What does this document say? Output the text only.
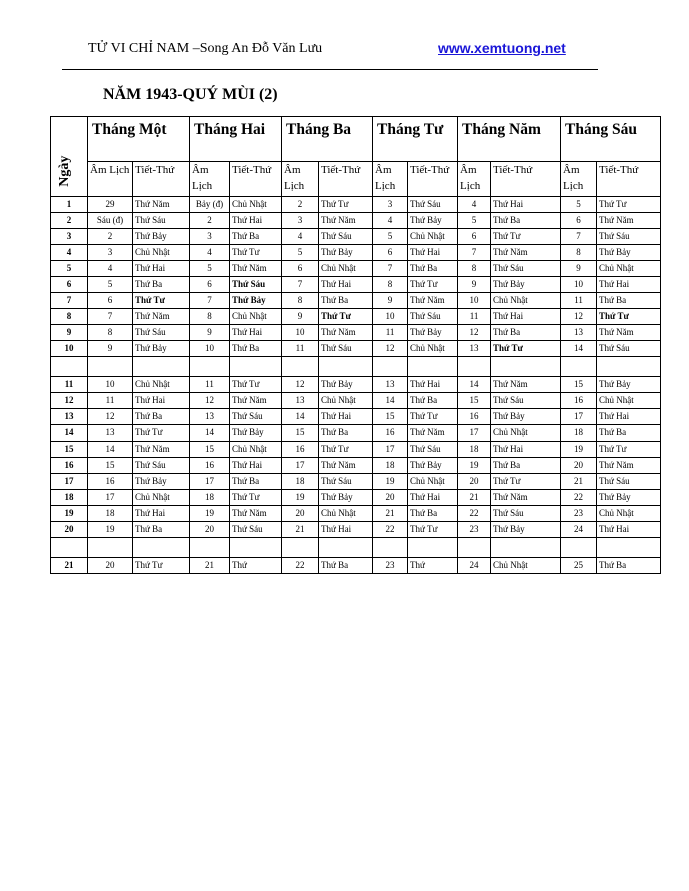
TỬ VI CHỈ NAM –Song An Đỗ Văn Lưu	www.xemtuong.net
NĂM 1943-QUÝ MÙI (2)
Ngày	Tháng Một		Tháng Hai		Tháng Ba		Tháng Tư		Tháng Năm		Tháng Sáu	
	Âm Lịch	Tiết-Thứ	Âm Lịch	Tiết-Thứ	Âm Lịch	Tiết-Thứ	Âm Lịch	Tiết-Thứ	Âm Lịch	Tiết-Thứ	Âm Lịch	Tiết-Thứ
1	29	Thứ Năm	Bảy (đ)	Chủ Nhật	2	Thứ Tư	3	Thứ Sáu	4	Thứ Hai	5	Thứ Tư
2	Sáu (đ)	Thứ Sáu	2	Thứ Hai	3	Thứ Năm	4	Thứ Bảy	5	Thứ Ba	6	Thứ Năm
3	2	Thứ Bảy	3	Thứ Ba	4	Thứ Sáu	5	Chủ Nhật	6	Thứ Tư	7	Thứ Sáu
4	3	Chủ Nhật	4	Thứ Tư	5	Thứ Bảy	6	Thứ Hai	7	Thứ Năm	8	Thứ Bảy
5	4	Thứ Hai	5	Thứ Năm	6	Chủ Nhật	7	Thứ Ba	8	Thứ Sáu	9	Chủ Nhật
6	5	Thứ Ba	6	Thứ Sáu	7	Thứ Hai	8	Thứ Tư	9	Thứ Bảy	10	Thứ Hai
7	6	Thứ Tư	7	Thứ Bảy	8	Thứ Ba	9	Thứ Năm	10	Chủ Nhật	11	Thứ Ba
8	7	Thứ Năm	8	Chủ Nhật	9	Thứ Tư	10	Thứ Sáu	11	Thứ Hai	12	Thứ Tư
9	8	Thứ Sáu	9	Thứ Hai	10	Thứ Năm	11	Thứ Bảy	12	Thứ Ba	13	Thứ Năm
10	9	Thứ Bảy	10	Thứ Ba	11	Thứ Sáu	12	Chủ Nhật	13	Thứ Tư	14	Thứ Sáu

11	10	Chủ Nhật	11	Thứ Tư	12	Thứ Bảy	13	Thứ Hai	14	Thứ Năm	15	Thứ Bảy
12	11	Thứ Hai	12	Thứ Năm	13	Chủ Nhật	14	Thứ Ba	15	Thứ Sáu	16	Chủ Nhật
13	12	Thứ Ba	13	Thứ Sáu	14	Thứ Hai	15	Thứ Tư	16	Thứ Bảy	17	Thứ Hai
14	13	Thứ Tư	14	Thứ Bảy	15	Thứ Ba	16	Thứ Năm	17	Chủ Nhật	18	Thứ Ba
15	14	Thứ Năm	15	Chủ Nhật	16	Thứ Tư	17	Thứ Sáu	18	Thứ Hai	19	Thứ Tư
16	15	Thứ Sáu	16	Thứ Hai	17	Thứ Năm	18	Thứ Bảy	19	Thứ Ba	20	Thứ Năm
17	16	Thứ Bảy	17	Thứ Ba	18	Thứ Sáu	19	Chủ Nhật	20	Thứ Tư	21	Thứ Sáu
18	17	Chủ Nhật	18	Thứ Tư	19	Thứ Bảy	20	Thứ Hai	21	Thứ Năm	22	Thứ Bảy
19	18	Thứ Hai	19	Thứ Năm	20	Chủ Nhật	21	Thứ Ba	22	Thứ Sáu	23	Chủ Nhật
20	19	Thứ Ba	20	Thứ Sáu	21	Thứ Hai	22	Thứ Tư	23	Thứ Bảy	24	Thứ Hai

21	20	Thứ Tư	21	Thứ	22	Thứ Ba	23	Thứ	24	Chủ Nhật	25	Thứ Ba
